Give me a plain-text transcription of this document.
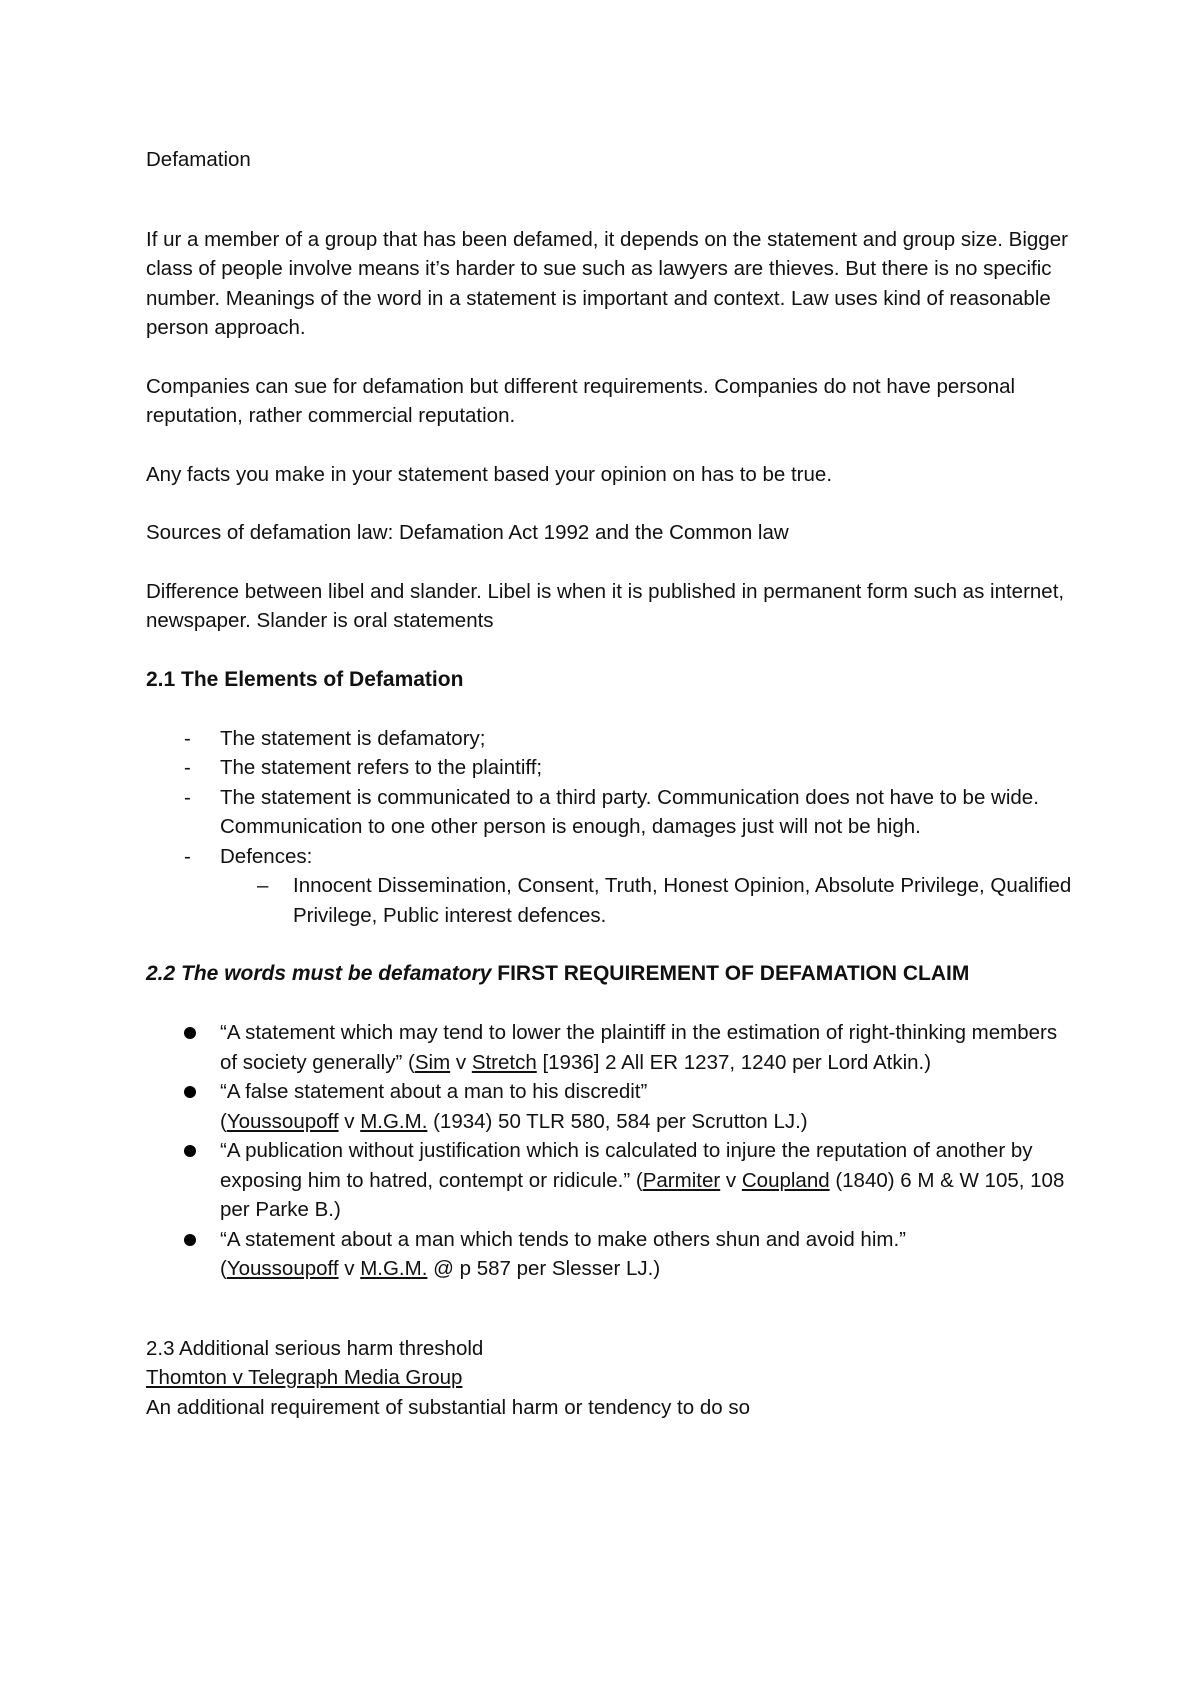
Defamation

If ur a member of a group that has been defamed, it depends on the statement and group size. Bigger class of people involve means it’s harder to sue such as lawyers are thieves. But there is no specific number. Meanings of the word in a statement is important and context. Law uses kind of reasonable person approach.

Companies can sue for defamation but different requirements. Companies do not have personal reputation, rather commercial reputation.

Any facts you make in your statement based your opinion on has to be true.

Sources of defamation law: Defamation Act 1992 and the Common law

Difference between libel and slander. Libel is when it is published in permanent form such as internet, newspaper. Slander is oral statements

2.1 The Elements of Defamation
- The statement is defamatory;
- The statement refers to the plaintiff;
- The statement is communicated to a third party. Communication does not have to be wide. Communication to one other person is enough, damages just will not be high.
- Defences:
– Innocent Dissemination, Consent, Truth, Honest Opinion, Absolute Privilege, Qualified Privilege, Public interest defences.
2.2 The words must be defamatory FIRST REQUIREMENT OF DEFAMATION CLAIM
“A statement which may tend to lower the plaintiff in the estimation of right-thinking members of society generally” (Sim v Stretch [1936] 2 All ER 1237, 1240 per Lord Atkin.)
“A false statement about a man to his discredit”
(Youssoupoff v M.G.M. (1934) 50 TLR 580, 584 per Scrutton LJ.)
“A publication without justification which is calculated to injure the reputation of another by exposing him to hatred, contempt or ridicule.” (Parmiter v Coupland (1840) 6 M & W 105, 108 per Parke B.)
“A statement about a man which tends to make others shun and avoid him.”
(Youssoupoff v M.G.M. @ p 587 per Slesser LJ.)

2.3 Additional serious harm threshold

Thomton v Telegraph Media Group

An additional requirement of substantial harm or tendency to do so
